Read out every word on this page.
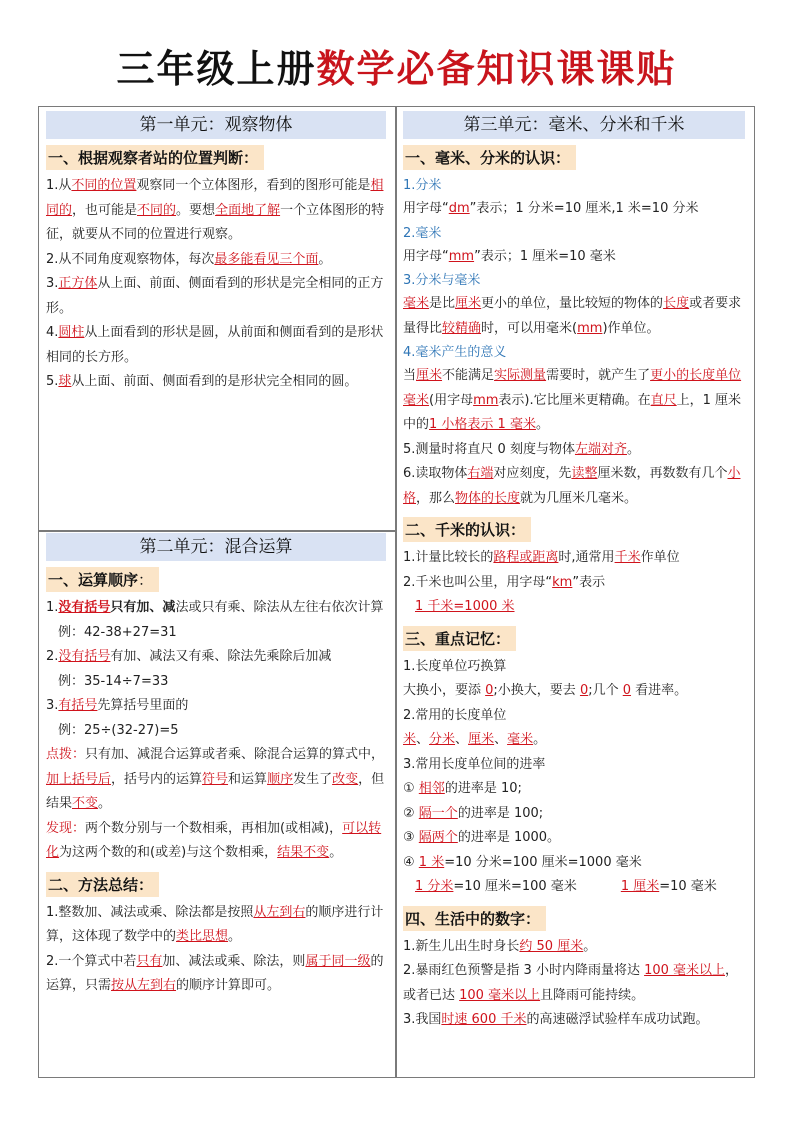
三年级上册数学必备知识课课贴
第一单元：观察物体
一、根据观察者站的位置判断：

1.从不同的位置观察同一个立体图形，看到的图形可能是相同的，也可能是不同的。要想全面地了解一个立体图形的特征，就要从不同的位置进行观察。

2.从不同角度观察物体，每次最多能看见三个面。

3.正方体从上面、前面、侧面看到的形状是完全相同的正方形。

4.圆柱从上面看到的形状是圆，从前面和侧面看到的是形状相同的长方形。

5.球从上面、前面、侧面看到的是形状完全相同的圆。

第二单元：混合运算
一、运算顺序：

1.没有括号只有加、减法或只有乘、除法从左往右依次计算

例：42-38+27=31

2.没有括号有加、减法又有乘、除法先乘除后加减

例：35-14÷7=33

3.有括号先算括号里面的

例：25÷(32-27)=5

点拨：只有加、减混合运算或者乘、除混合运算的算式中，加上括号后，括号内的运算符号和运算顺序发生了改变，但结果不变。

发现：两个数分别与一个数相乘，再相加(或相减)，可以转化为这两个数的和(或差)与这个数相乘，结果不变。

二、方法总结：

1.整数加、减法或乘、除法都是按照从左到右的顺序进行计算，这体现了数学中的类比思想。

2.一个算式中若只有加、减法或乘、除法，则属于同一级的运算，只需按从左到右的顺序计算即可。

第三单元：毫米、分米和千米
一、毫米、分米的认识：
1.分米

用字母“dm”表示；1 分米=10 厘米,1 米=10 分米

2.毫米

用字母“mm”表示；1 厘米=10 毫米

3.分米与毫米

毫米是比厘米更小的单位，量比较短的物体的长度或者要求量得比较精确时，可以用毫米(mm)作单位。

4.毫米产生的意义

当厘米不能满足实际测量需要时，就产生了更小的长度单位毫米(用字母mm表示).它比厘米更精确。在直尺上，1 厘米中的1 小格表示 1 毫米。

5.测量时将直尺 0 刻度与物体左端对齐。

6.读取物体右端对应刻度，先读整厘米数，再数数有几个小格，那么物体的长度就为几厘米几毫米。

二、千米的认识：

1.计量比较长的路程或距离时,通常用千米作单位

2.千米也叫公里，用字母“km”表示

1 千米=1000 米

三、重点记忆：

1.长度单位巧换算

大换小，要添 0;小换大，要去 0;几个 0 看进率。

2.常用的长度单位

米、分米、厘米、毫米。

3.常用长度单位间的进率

① 相邻的进率是 10;

② 隔一个的进率是 100;

③ 隔两个的进率是 1000。

④ 1 米=10 分米=100 厘米=1000 毫米

1 分米=10 厘米=100 毫米	1 厘米=10 毫米

四、生活中的数字：

1.新生儿出生时身长约 50 厘米。

2.暴雨红色预警是指 3 小时内降雨量将达 100 毫米以上，或者已达 100 毫米以上且降雨可能持续。

3.我国时速 600 千米的高速磁浮试验样车成功试跑。
